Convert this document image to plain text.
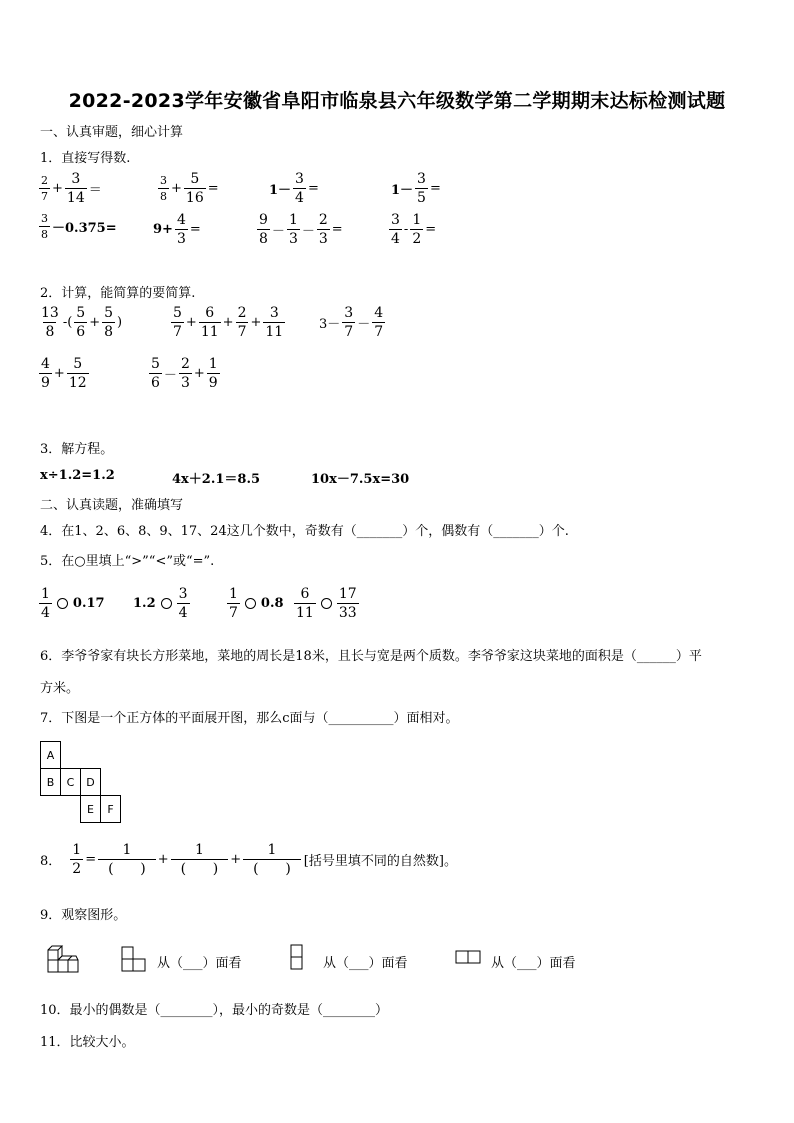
2022-2023学年安徽省阜阳市临泉县六年级数学第二学期期末达标检测试题
一、认真审题，细心计算
1．直接写得数.
$\frac{2}{7} + \frac{3}{14}$ ＝	$\frac{3}{8} + \frac{5}{16}$ =	$1- \frac{3}{4}$ =	$1- \frac{3}{5}$ =
$\frac{3}{8} -0.375=$	$9+ \frac{4}{3}$ =	$\frac{9}{8} - \frac{1}{3} - \frac{2}{3}$ =	$\frac{3}{4} - \frac{1}{2}$ =
2．计算，能简算的要简算.
$\frac{13}{8}$ -( $\frac{5}{6} + \frac{5}{8}$ )	$\frac{5}{7} + \frac{6}{11} + \frac{2}{7} + \frac{3}{11}$	$3- \frac{3}{7} - \frac{4}{7}$
$\frac{4}{9} + \frac{5}{12}$	$\frac{5}{6} - \frac{2}{3} + \frac{1}{9}$
3．解方程。
x÷1.2=1.2	4x＋2.1＝8.5	10x－7.5x=30
二、认真读题，准确填写
4．在1、2、6、8、9、17、24这几个数中，奇数有（_______）个，偶数有（_______）个.
5．在○里填上“>”“<”或“=”.
$\frac{1}{4} 0.17$ $1.2 \frac{3}{4}$	$\frac{1}{7} 0.8 \frac{6}{11} \frac{17}{33}$
6．李爷爷家有块长方形菜地，菜地的周长是18米，且长与宽是两个质数。李爷爷家这块菜地的面积是（______）平
方米。
7．下图是一个正方体的平面展开图，那么c面与（__________）面相对。
A
B	C	D
E	F
8． $\frac{1}{2} = \frac{1}{( )} + \frac{1}{( )} + \frac{1}{( )}$ [括号里填不同的自然数]。
9．观察图形。
从（___）面看	从（___）面看	从（___）面看
10．最小的偶数是（________），最小的奇数是（________）
11．比较大小。
